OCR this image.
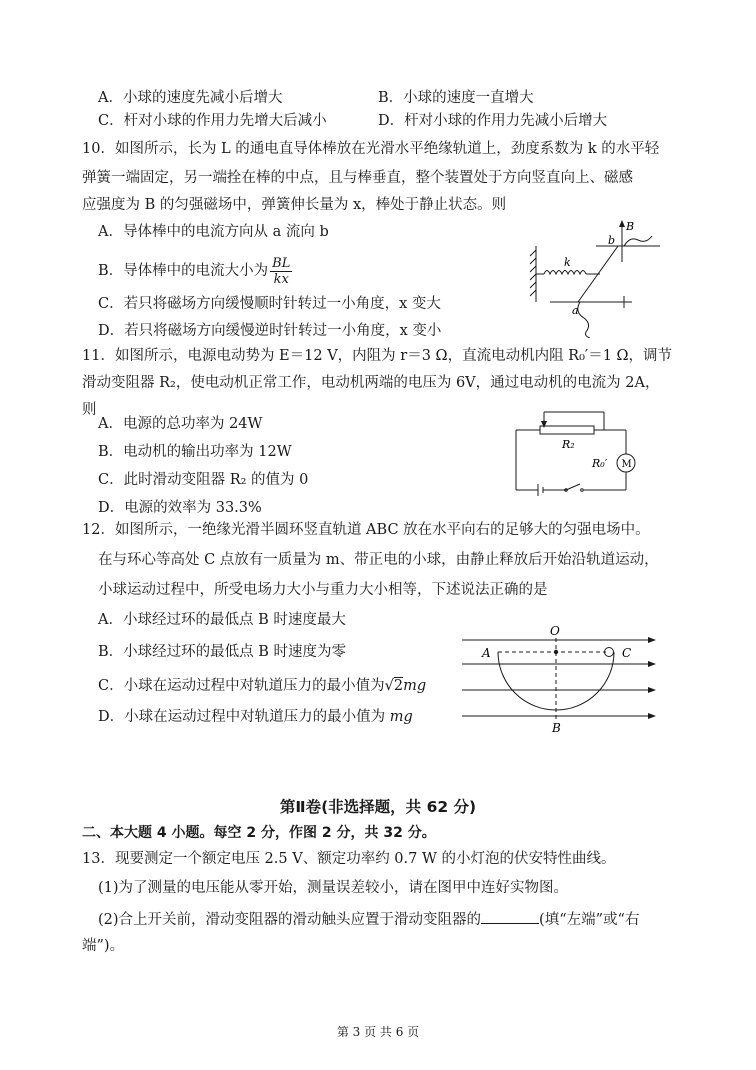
A．小球的速度先减小后增大	B．小球的速度一直增大
C．杆对小球的作用力先增大后减小	D．杆对小球的作用力先减小后增大
10．如图所示，长为 L 的通电直导体棒放在光滑水平绝缘轨道上，劲度系数为 k 的水平轻
弹簧一端固定，另一端拴在棒的中点，且与棒垂直，整个装置处于方向竖直向上、磁感
应强度为 B 的匀强磁场中，弹簧伸长量为 x，棒处于静止状态。则
A．导体棒中的电流方向从 a 流向 b
B．导体棒中的电流大小为 $\frac{BL}{kx}$
C．若只将磁场方向缓慢顺时针转过一小角度，x 变大
D．若只将磁场方向缓慢逆时针转过一小角度，x 变小
B
b
k
a
11．如图所示，电源电动势为 E＝12 V，内阻为 r＝3 Ω，直流电动机内阻 R₀′＝1 Ω，调节
滑动变阻器 R₂，使电动机正常工作，电动机两端的电压为 6V，通过电动机的电流为 2A，
则
A．电源的总功率为 24W
B．电动机的输出功率为 12W
C．此时滑动变阻器 R₂ 的值为 0
D．电源的效率为 33.3%
R₂
R₀′ M
12．如图所示，一绝缘光滑半圆环竖直轨道 ABC 放在水平向右的足够大的匀强电场中。
在与环心等高处 C 点放有一质量为 m、带正电的小球，由静止释放后开始沿轨道运动，
小球运动过程中，所受电场力大小与重力大小相等，下述说法正确的是
A．小球经过环的最低点 B 时速度最大
B．小球经过环的最低点 B 时速度为零
C．小球在运动过程中对轨道压力的最小值为√2mg
D．小球在运动过程中对轨道压力的最小值为 mg
O
A	C
B
第Ⅱ卷(非选择题，共 62 分)
二、本大题 4 小题。每空 2 分，作图 2 分，共 32 分。
13．现要测定一个额定电压 2.5 V、额定功率约 0.7 W 的小灯泡的伏安特性曲线。
(1)为了测量的电压能从零开始，测量误差较小，请在图甲中连好实物图。
(2)合上开关前，滑动变阻器的滑动触头应置于滑动变阻器的	(填“左端”或“右
端”)。
第 3 页 共 6 页
